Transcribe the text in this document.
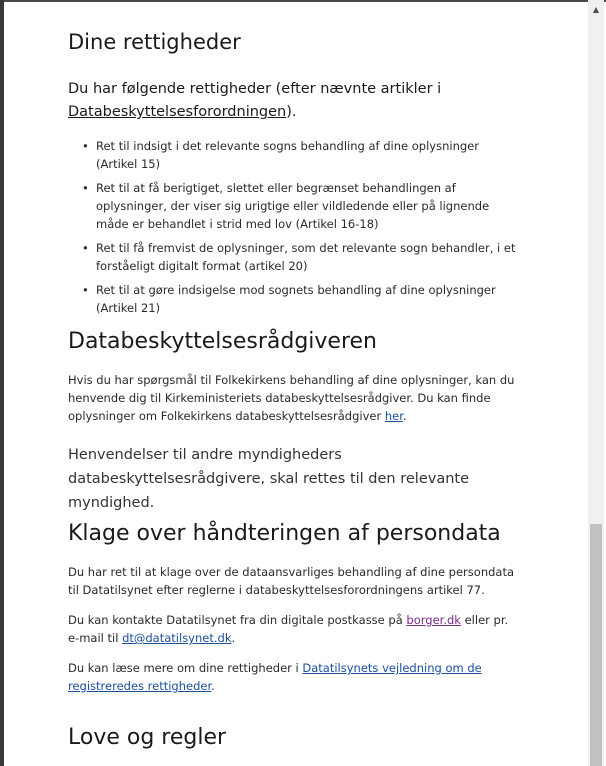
Dine rettigheder
Du har følgende rettigheder (efter nævnte artikler i Databeskyttelsesforordningen).
• Ret til indsigt i det relevante sogns behandling af dine oplysninger (Artikel 15)
• Ret til at få berigtiget, slettet eller begrænset behandlingen af oplysninger, der viser sig urigtige eller vildledende eller på lignende måde er behandlet i strid med lov (Artikel 16-18)
• Ret til få fremvist de oplysninger, som det relevante sogn behandler, i et forståeligt digitalt format (artikel 20)
• Ret til at gøre indsigelse mod sognets behandling af dine oplysninger (Artikel 21)
Databeskyttelsesrådgiveren
Hvis du har spørgsmål til Folkekirkens behandling af dine oplysninger, kan du henvende dig til Kirkeministeriets databeskyttelsesrådgiver. Du kan finde oplysninger om Folkekirkens databeskyttelsesrådgiver her.
Henvendelser til andre myndigheders databeskyttelsesrådgivere, skal rettes til den relevante myndighed.
Klage over håndteringen af persondata
Du har ret til at klage over de dataansvarliges behandling af dine persondata til Datatilsynet efter reglerne i databeskyttelsesforordningens artikel 77.
Du kan kontakte Datatilsynet fra din digitale postkasse på borger.dk eller pr. e-mail til dt@datatilsynet.dk.
Du kan læse mere om dine rettigheder i Datatilsynets vejledning om de registreredes rettigheder.
Love og regler
▲
